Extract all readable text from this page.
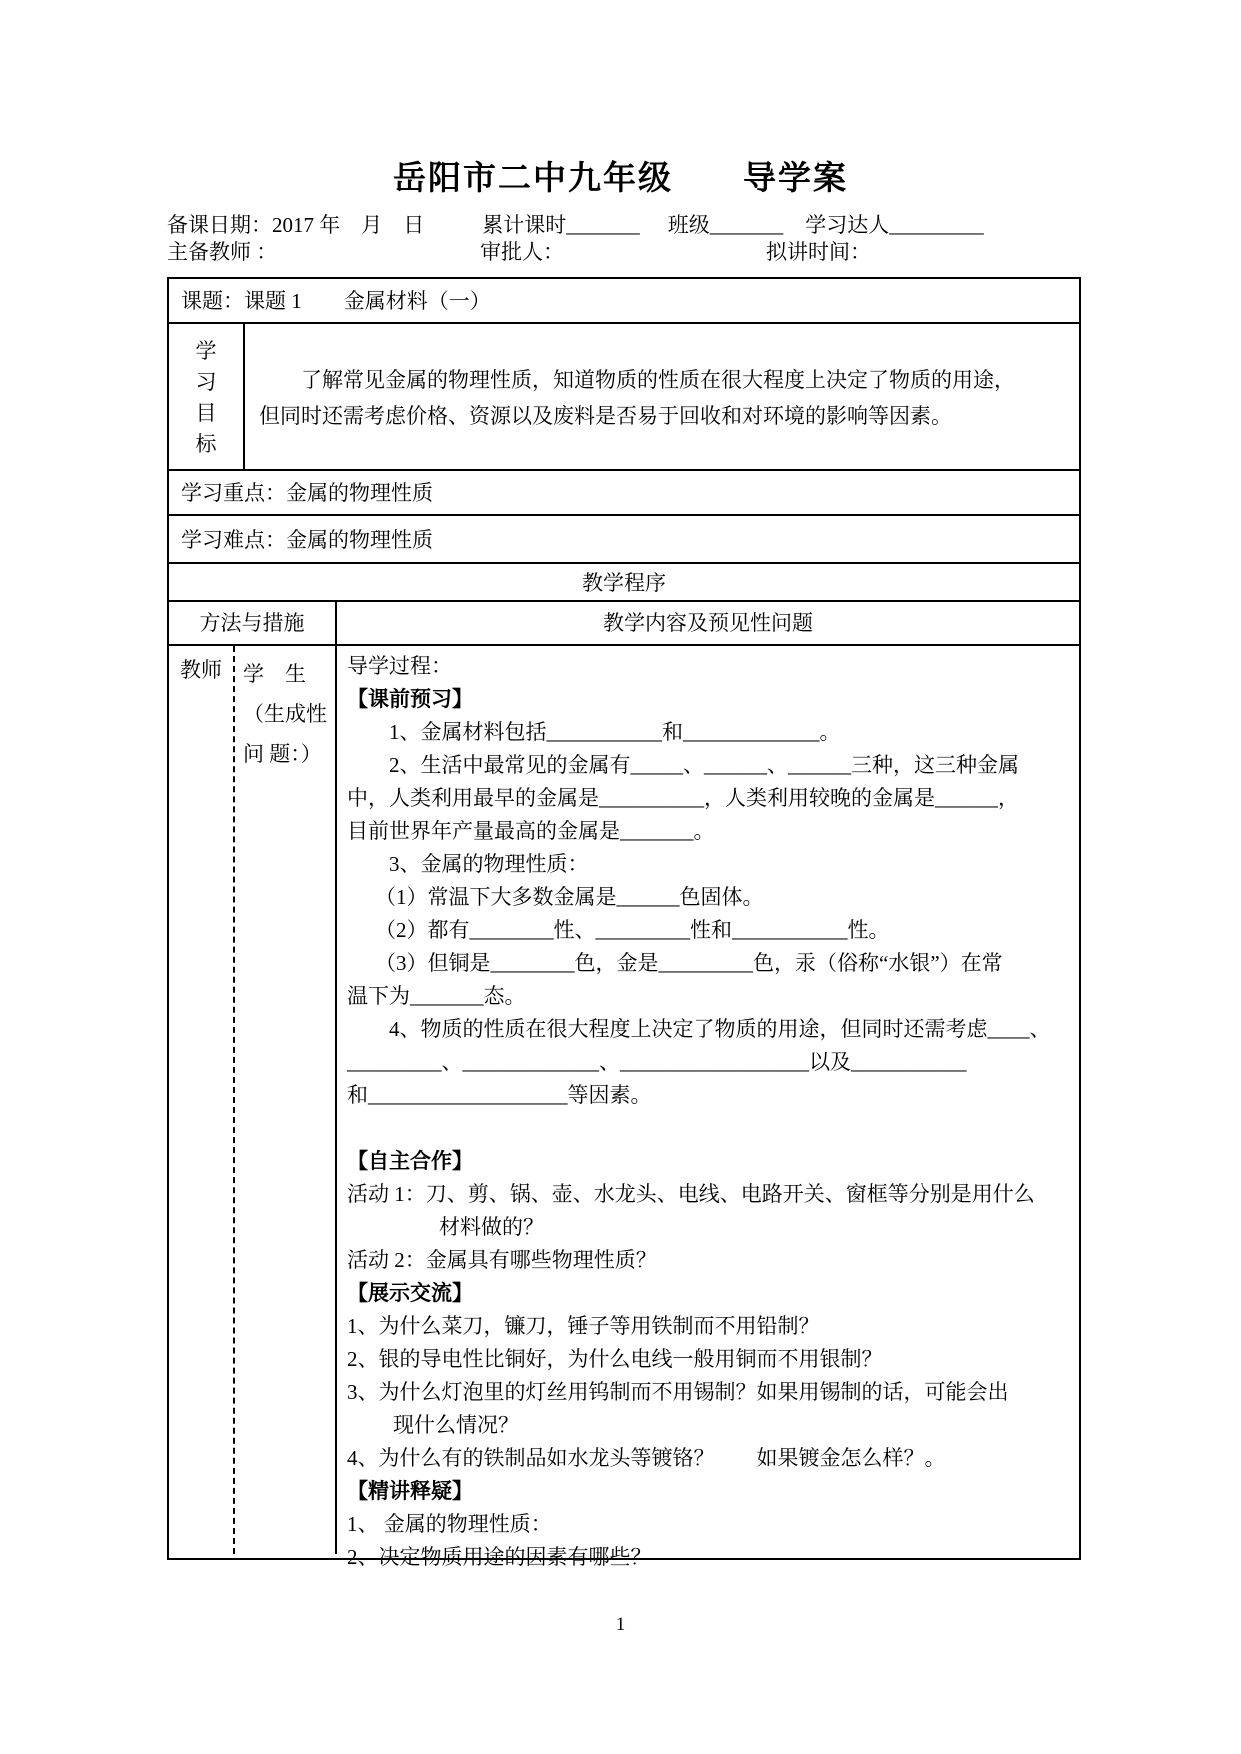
岳阳市二中九年级　　导学案
备课日期：2017 年　月　日	累计课时_______ 班级_______ 学习达人_________
主备教师 ：	审批人：	拟讲时间：
课题：课题 1　　金属材料（一）
学
习
目
标
了解常见金属的物理性质，知道物质的性质在很大程度上决定了物质的用途，但同时还需考虑价格、资源以及废料是否易于回收和对环境的影响等因素。
学习重点：金属的物理性质
学习难点：金属的物理性质
教学程序
方法与措施	教学内容及预见性问题
教师	学　生
（生成性
问 题：）
导学过程：
【课前预习】
1、金属材料包括___________和_____________。
2、生活中最常见的金属有_____、______、______三种，这三种金属
中，人类利用最早的金属是__________，人类利用较晚的金属是______，
目前世界年产量最高的金属是_______。
3、金属的物理性质：
（1）常温下大多数金属是______色固体。
（2）都有________性、_________性和___________性。
（3）但铜是________色，金是_________色，汞（俗称“水银”）在常
温下为_______态。
4、物质的性质在很大程度上决定了物质的用途，但同时还需考虑____、
_________、_____________、__________________以及___________
和___________________等因素。
【自主合作】
活动 1：刀、剪、锅、壶、水龙头、电线、电路开关、窗框等分别是用什么
材料做的？
活动 2：金属具有哪些物理性质？
【展示交流】
1、为什么菜刀，镰刀，锤子等用铁制而不用铅制？
2、银的导电性比铜好，为什么电线一般用铜而不用银制？
3、为什么灯泡里的灯丝用钨制而不用锡制？如果用锡制的话，可能会出
现什么情况？
4、为什么有的铁制品如水龙头等镀铬？　　如果镀金怎么样？。
【精讲释疑】
1、 金属的物理性质：
2、决定物质用途的因素有哪些？
1
